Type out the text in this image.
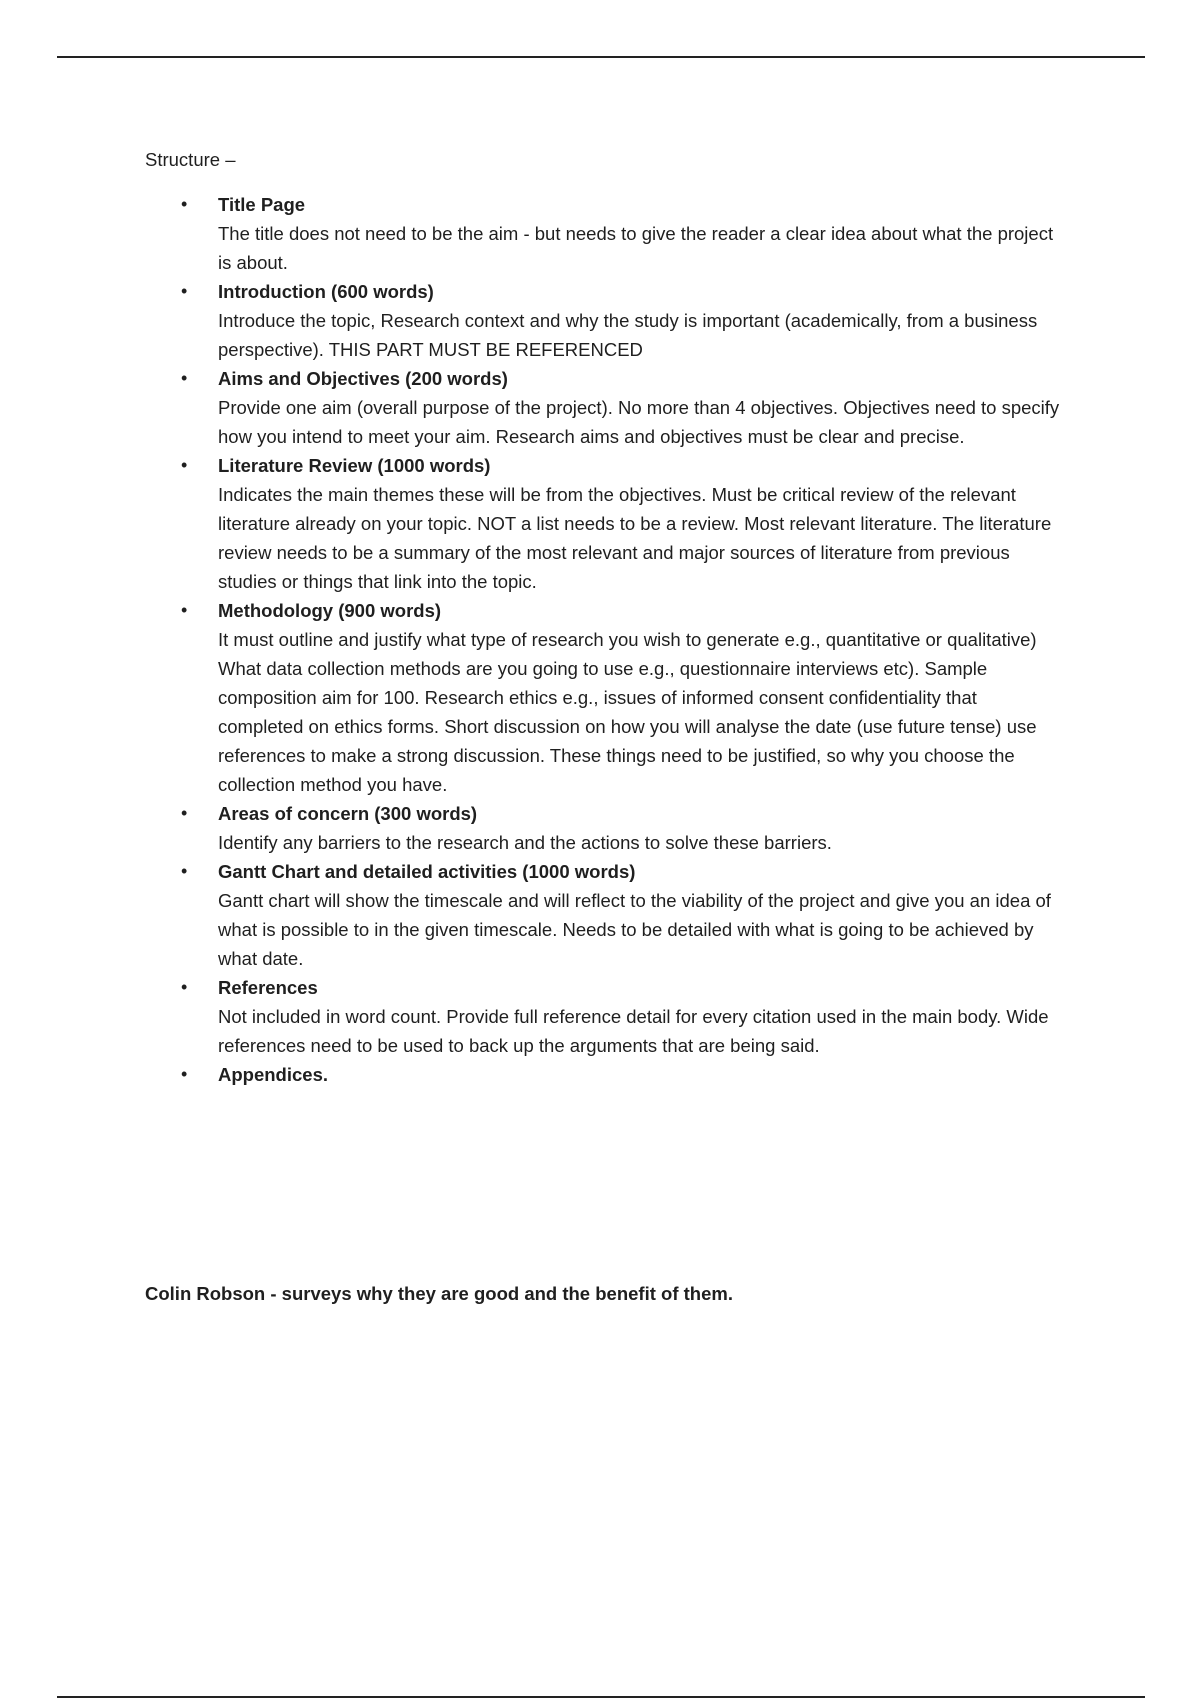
Structure –

• Title Page
The title does not need to be the aim - but needs to give the reader a clear idea about what the project is about.
• Introduction (600 words)
Introduce the topic, Research context and why the study is important (academically, from a business perspective). THIS PART MUST BE REFERENCED
• Aims and Objectives (200 words)
Provide one aim (overall purpose of the project). No more than 4 objectives. Objectives need to specify how you intend to meet your aim. Research aims and objectives must be clear and precise.
• Literature Review (1000 words)
Indicates the main themes these will be from the objectives. Must be critical review of the relevant literature already on your topic. NOT a list needs to be a review. Most relevant literature. The literature review needs to be a summary of the most relevant and major sources of literature from previous studies or things that link into the topic.
• Methodology (900 words)
It must outline and justify what type of research you wish to generate e.g., quantitative or qualitative) What data collection methods are you going to use e.g., questionnaire interviews etc). Sample composition aim for 100. Research ethics e.g., issues of informed consent confidentiality that completed on ethics forms. Short discussion on how you will analyse the date (use future tense) use references to make a strong discussion. These things need to be justified, so why you choose the collection method you have.
• Areas of concern (300 words)
Identify any barriers to the research and the actions to solve these barriers.
• Gantt Chart and detailed activities (1000 words)
Gantt chart will show the timescale and will reflect to the viability of the project and give you an idea of what is possible to in the given timescale. Needs to be detailed with what is going to be achieved by what date.
• References
Not included in word count. Provide full reference detail for every citation used in the main body. Wide references need to be used to back up the arguments that are being said.
• Appendices.

Colin Robson - surveys why they are good and the benefit of them.
